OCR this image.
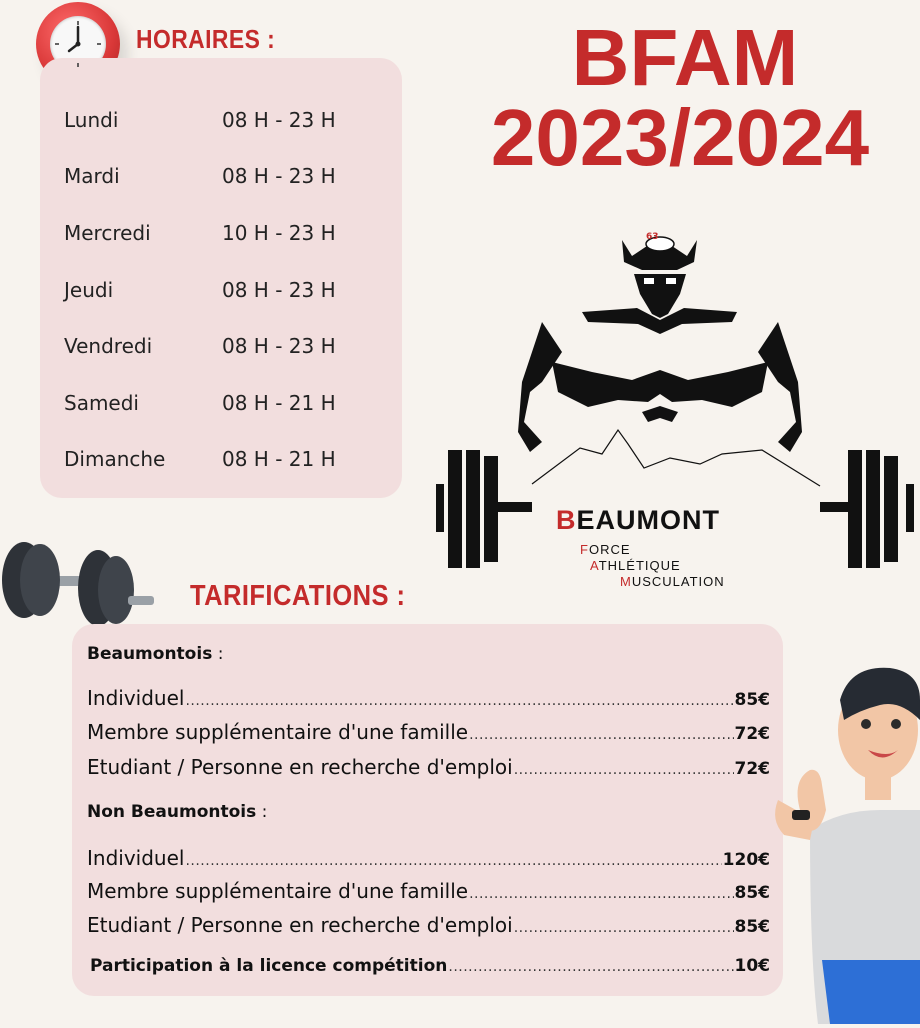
HORAIRES :
Lundi	08 H - 23 H
Mardi	08 H - 23 H
Mercredi	10 H - 23 H
Jeudi	08 H - 23 H
Vendredi	08 H - 23 H
Samedi	08 H - 21 H
Dimanche	08 H - 21 H
BFAM
2023/2024
63
BEAUMONT
FORCE
ATHLÉTIQUE
MUSCULATION
TARIFICATIONS :
Beaumontois :
Individuel .....	85€
Membre supplémentaire d'une famille .....	72€
Etudiant / Personne en recherche d'emploi .....	72€
Non Beaumontois :
Individuel .....	120€
Membre supplémentaire d'une famille .....	85€
Etudiant / Personne en recherche d'emploi .....	85€
Participation à la licence compétition .....	10€
